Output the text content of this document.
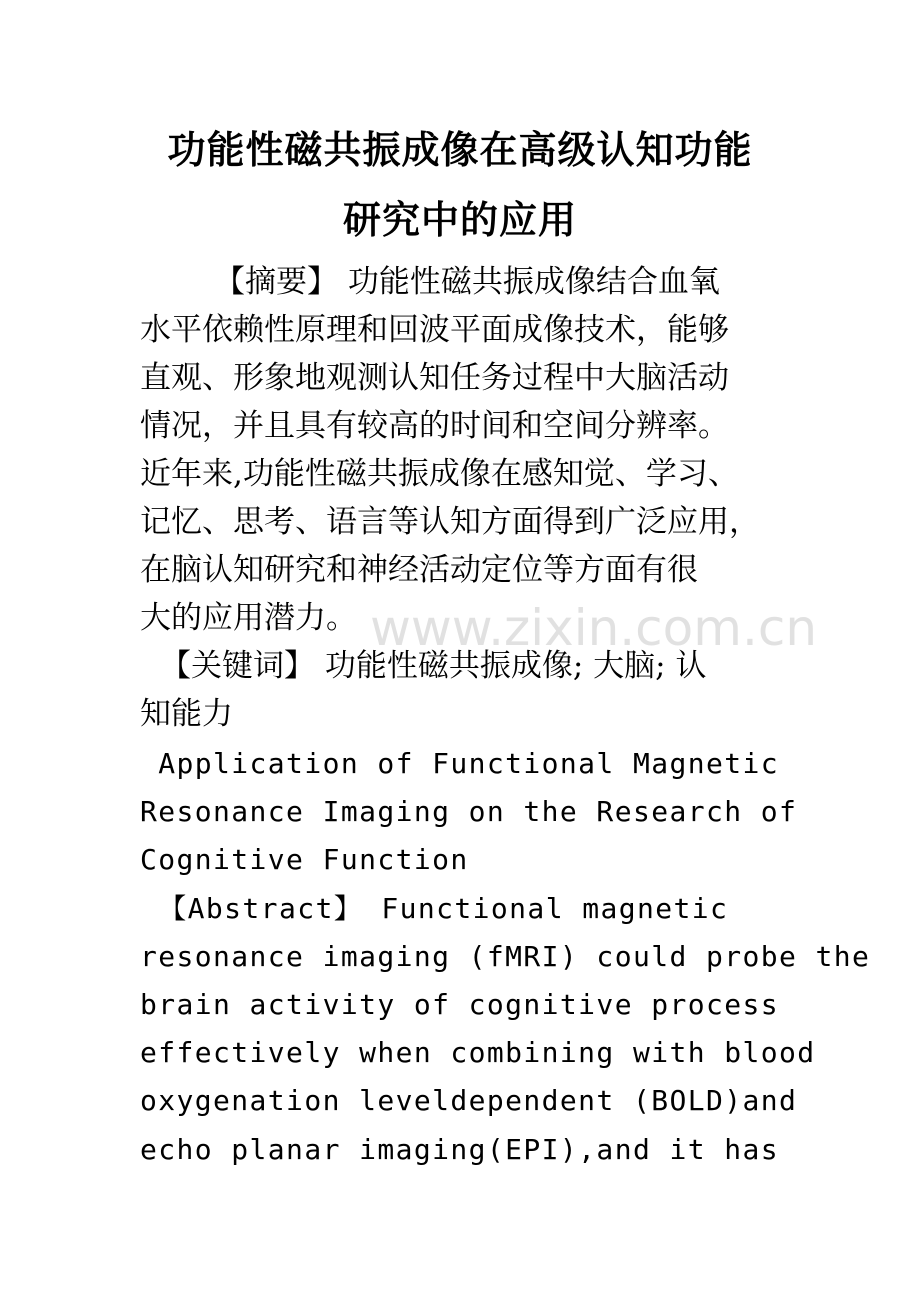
功能性磁共振成像在高级认知功能
研究中的应用
【摘要】 功能性磁共振成像结合血氧
水平依赖性原理和回波平面成像技术，能够
直观、形象地观测认知任务过程中大脑活动
情况，并且具有较高的时间和空间分辨率。
近年来,功能性磁共振成像在感知觉、学习、
记忆、思考、语言等认知方面得到广泛应用，
在脑认知研究和神经活动定位等方面有很
大的应用潜力。 www.zixin.com.cn
【关键词】 功能性磁共振成像; 大脑; 认
知能力
Application of Functional Magnetic
Resonance Imaging on the Research of
Cognitive Function
【Abstract】 Functional magnetic
resonance imaging (fMRI) could probe the
brain activity of cognitive process
effectively when combining with blood
oxygenation leveldependent (BOLD)and
echo planar imaging(EPI),and it has
